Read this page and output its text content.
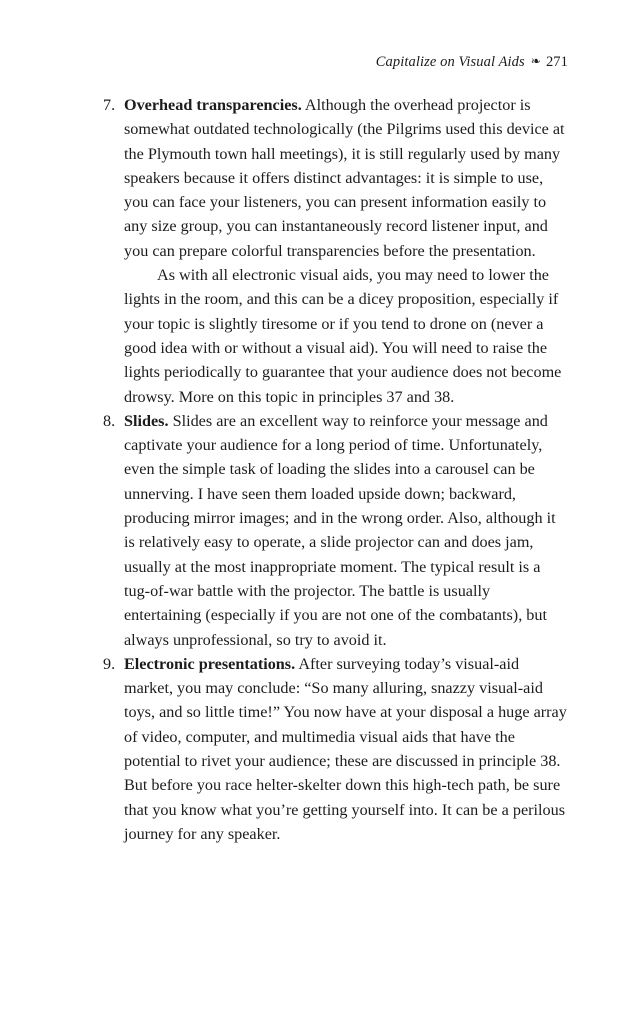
Capitalize on Visual Aids ❧ 271
7. Overhead transparencies. Although the overhead projector is somewhat outdated technologically (the Pilgrims used this device at the Plymouth town hall meetings), it is still regularly used by many speakers because it offers distinct advantages: it is simple to use, you can face your listeners, you can present information easily to any size group, you can instantaneously record listener input, and you can prepare colorful transparencies before the presentation.

As with all electronic visual aids, you may need to lower the lights in the room, and this can be a dicey proposition, especially if your topic is slightly tiresome or if you tend to drone on (never a good idea with or without a visual aid). You will need to raise the lights periodically to guarantee that your audience does not become drowsy. More on this topic in principles 37 and 38.

8. Slides. Slides are an excellent way to reinforce your message and captivate your audience for a long period of time. Unfortunately, even the simple task of loading the slides into a carousel can be unnerving. I have seen them loaded upside down; backward, producing mirror images; and in the wrong order. Also, although it is relatively easy to operate, a slide projector can and does jam, usually at the most inappropriate moment. The typical result is a tug-of-war battle with the projector. The battle is usually entertaining (especially if you are not one of the combatants), but always unprofessional, so try to avoid it.

9. Electronic presentations. After surveying today’s visual-aid market, you may conclude: “So many alluring, snazzy visual-aid toys, and so little time!” You now have at your disposal a huge array of video, computer, and multimedia visual aids that have the potential to rivet your audience; these are discussed in principle 38. But before you race helter-skelter down this high-tech path, be sure that you know what you’re getting yourself into. It can be a perilous journey for any speaker.
